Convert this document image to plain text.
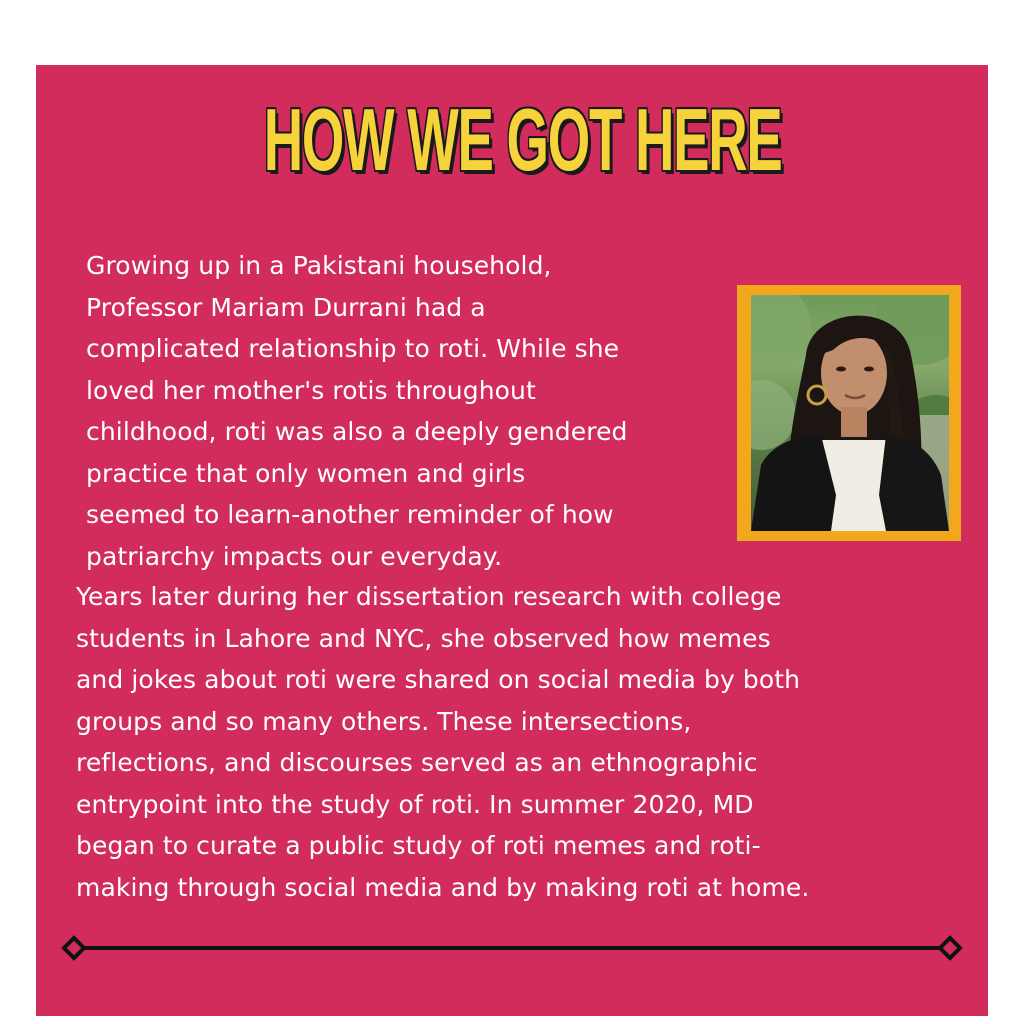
HOW WE GOT HERE

Growing up in a Pakistani household,
Professor Mariam Durrani had a
complicated relationship to roti. While she
loved her mother's rotis throughout
childhood, roti was also a deeply gendered
practice that only women and girls
seemed to learn-another reminder of how
patriarchy impacts our everyday.

Years later during her dissertation research with college
students in Lahore and NYC, she observed how memes
and jokes about roti were shared on social media by both
groups and so many others. These intersections,
reflections, and discourses served as an ethnographic
entrypoint into the study of roti. In summer 2020, MD
began to curate a public study of roti memes and roti-
making through social media and by making roti at home.
